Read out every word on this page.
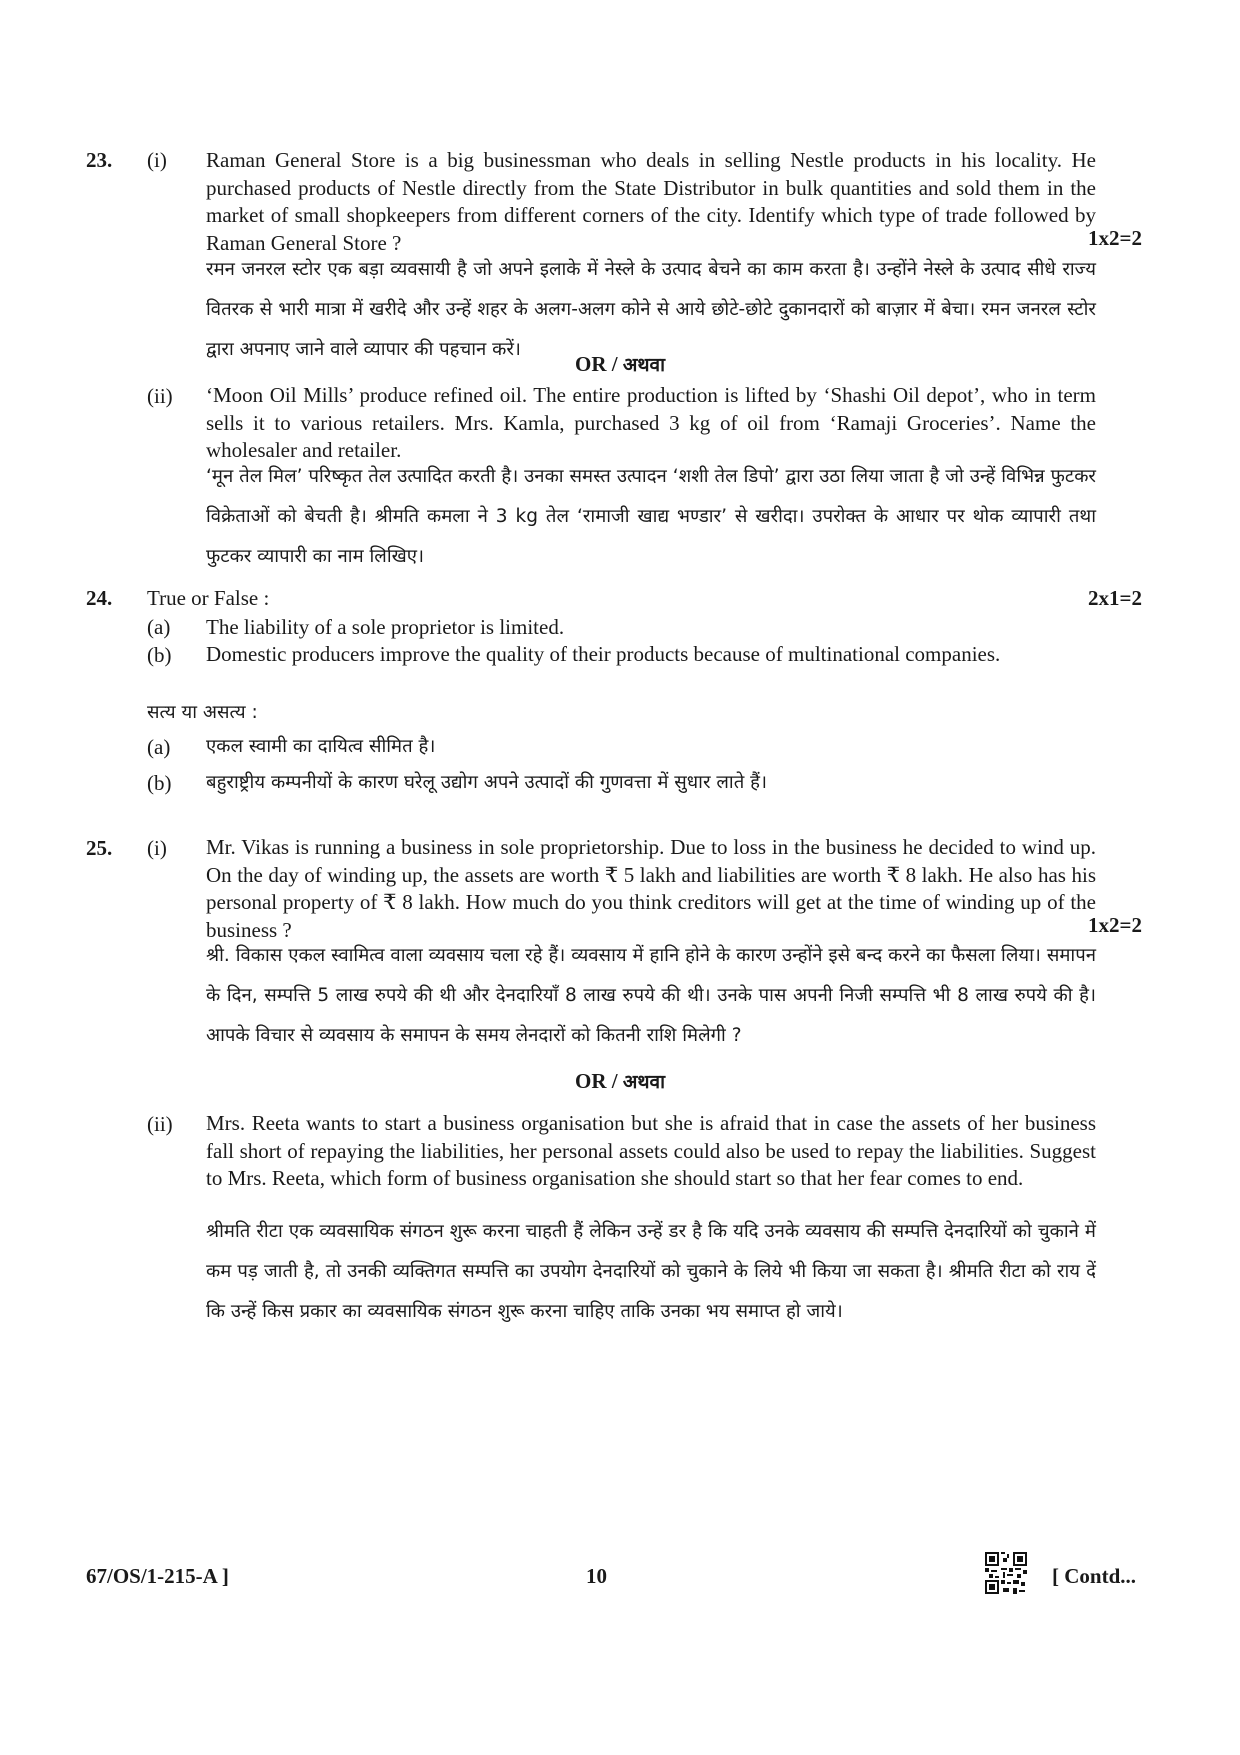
23. (i) Raman General Store is a big businessman who deals in selling Nestle products in his locality. He purchased products of Nestle directly from the State Distributor in bulk quantities and sold them in the market of small shopkeepers from different corners of the city. Identify which type of trade followed by Raman General Store ?	1x2=2
रमन जनरल स्टोर एक बड़ा व्यवसायी है जो अपने इलाके में नेस्ले के उत्पाद बेचने का काम करता है। उन्होंने नेस्ले के उत्पाद सीधे राज्य वितरक से भारी मात्रा में खरीदे और उन्हें शहर के अलग-अलग कोने से आये छोटे-छोटे दुकानदारों को बाज़ार में बेचा। रमन जनरल स्टोर द्वारा अपनाए जाने वाले व्यापार की पहचान करें।
OR / अथवा
(ii) ‘Moon Oil Mills’ produce refined oil. The entire production is lifted by ‘Shashi Oil depot’, who in term sells it to various retailers. Mrs. Kamla, purchased 3 kg of oil from ‘Ramaji Groceries’. Name the wholesaler and retailer.
‘मून तेल मिल’ परिष्कृत तेल उत्पादित करती है। उनका समस्त उत्पादन ‘शशी तेल डिपो’ द्वारा उठा लिया जाता है जो उन्हें विभिन्न फुटकर विक्रेताओं को बेचती है। श्रीमति कमला ने 3 kg तेल ‘रामाजी खाद्य भण्डार’ से खरीदा। उपरोक्त के आधार पर थोक व्यापारी तथा फुटकर व्यापारी का नाम लिखिए।
24. True or False :	2x1=2
(a) The liability of a sole proprietor is limited.
(b) Domestic producers improve the quality of their products because of multinational companies.
सत्य या असत्य :
(a) एकल स्वामी का दायित्व सीमित है।
(b) बहुराष्ट्रीय कम्पनीयों के कारण घरेलू उद्योग अपने उत्पादों की गुणवत्ता में सुधार लाते हैं।
25. (i) Mr. Vikas is running a business in sole proprietorship. Due to loss in the business he decided to wind up. On the day of winding up, the assets are worth ₹ 5 lakh and liabilities are worth ₹ 8 lakh. He also has his personal property of ₹ 8 lakh. How much do you think creditors will get at the time of winding up of the business ?	1x2=2
श्री. विकास एकल स्वामित्व वाला व्यवसाय चला रहे हैं। व्यवसाय में हानि होने के कारण उन्होंने इसे बन्द करने का फैसला लिया। समापन के दिन, सम्पत्ति 5 लाख रुपये की थी और देनदारियाँ 8 लाख रुपये की थी। उनके पास अपनी निजी सम्पत्ति भी 8 लाख रुपये की है। आपके विचार से व्यवसाय के समापन के समय लेनदारों को कितनी राशि मिलेगी ?
OR / अथवा
(ii) Mrs. Reeta wants to start a business organisation but she is afraid that in case the assets of her business fall short of repaying the liabilities, her personal assets could also be used to repay the liabilities. Suggest to Mrs. Reeta, which form of business organisation she should start so that her fear comes to end.
श्रीमति रीटा एक व्यवसायिक संगठन शुरू करना चाहती हैं लेकिन उन्हें डर है कि यदि उनके व्यवसाय की सम्पत्ति देनदारियों को चुकाने में कम पड़ जाती है, तो उनकी व्यक्तिगत सम्पत्ति का उपयोग देनदारियों को चुकाने के लिये भी किया जा सकता है। श्रीमति रीटा को राय दें कि उन्हें किस प्रकार का व्यवसायिक संगठन शुरू करना चाहिए ताकि उनका भय समाप्त हो जाये।
67/OS/1-215-A ]	10	[ Contd...
